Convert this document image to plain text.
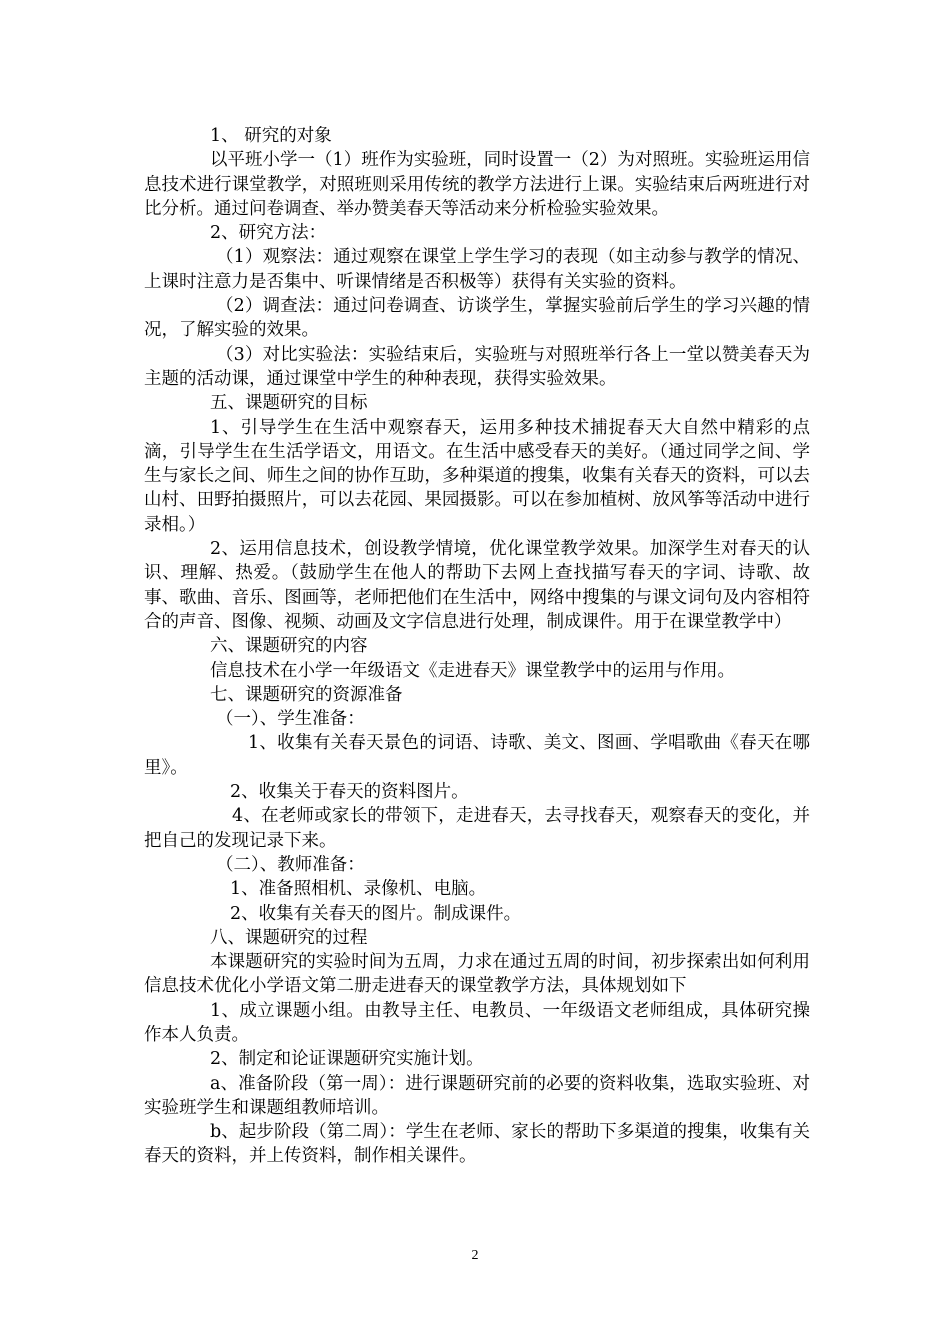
1、 研究的对象

以平班小学一（1）班作为实验班，同时设置一（2）为对照班。实验班运用信息技术进行课堂教学，对照班则采用传统的教学方法进行上课。实验结束后两班进行对比分析。通过问卷调查、举办赞美春天等活动来分析检验实验效果。

2、研究方法：

（1）观察法：通过观察在课堂上学生学习的表现（如主动参与教学的情况、上课时注意力是否集中、听课情绪是否积极等）获得有关实验的资料。

（2）调查法：通过问卷调查、访谈学生，掌握实验前后学生的学习兴趣的情况，了解实验的效果。

（3）对比实验法：实验结束后，实验班与对照班举行各上一堂以赞美春天为主题的活动课，通过课堂中学生的种种表现，获得实验效果。

五、课题研究的目标

1、引导学生在生活中观察春天，运用多种技术捕捉春天大自然中精彩的点滴，引导学生在生活学语文，用语文。在生活中感受春天的美好。（通过同学之间、学生与家长之间、师生之间的协作互助，多种渠道的搜集，收集有关春天的资料，可以去山村、田野拍摄照片，可以去花园、果园摄影。可以在参加植树、放风筝等活动中进行录相。）

2、运用信息技术，创设教学情境，优化课堂教学效果。加深学生对春天的认识、理解、热爱。（鼓励学生在他人的帮助下去网上查找描写春天的字词、诗歌、故事、歌曲、音乐、图画等，老师把他们在生活中，网络中搜集的与课文词句及内容相符合的声音、图像、视频、动画及文字信息进行处理，制成课件。用于在课堂教学中）

六、课题研究的内容

信息技术在小学一年级语文《走进春天》课堂教学中的运用与作用。

七、课题研究的资源准备

（一）、学生准备：

1、收集有关春天景色的词语、诗歌、美文、图画、学唱歌曲《春天在哪里》。

2、收集关于春天的资料图片。

4、在老师或家长的带领下，走进春天，去寻找春天，观察春天的变化，并把自己的发现记录下来。

（二）、教师准备：

1、准备照相机、录像机、电脑。

2、收集有关春天的图片。制成课件。

八、课题研究的过程

本课题研究的实验时间为五周，力求在通过五周的时间，初步探索出如何利用信息技术优化小学语文第二册走进春天的课堂教学方法，具体规划如下

1、成立课题小组。由教导主任、电教员、一年级语文老师组成，具体研究操作本人负责。

2、制定和论证课题研究实施计划。

a、准备阶段（第一周）：进行课题研究前的必要的资料收集，选取实验班、对实验班学生和课题组教师培训。

b、起步阶段（第二周）：学生在老师、家长的帮助下多渠道的搜集，收集有关春天的资料，并上传资料，制作相关课件。

2
